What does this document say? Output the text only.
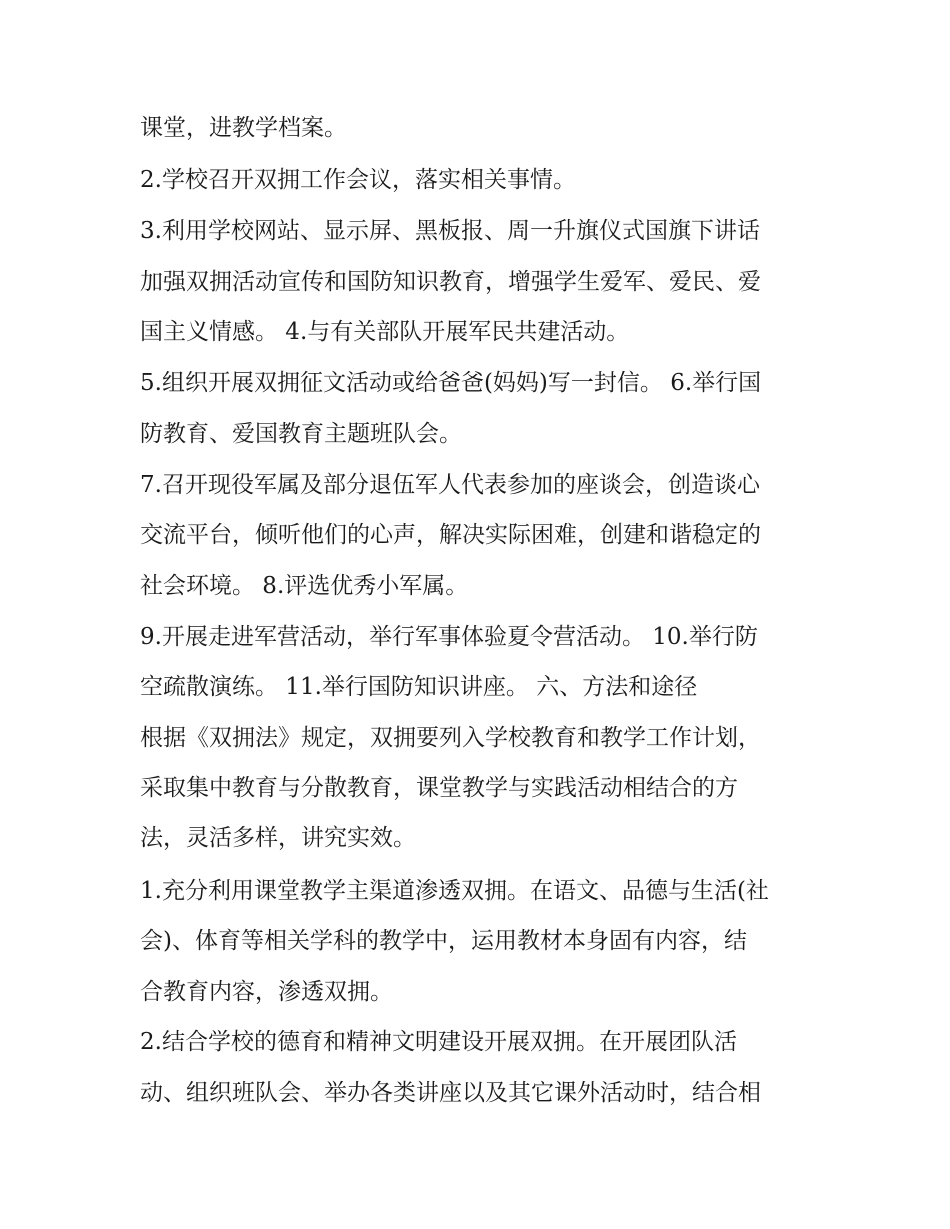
课堂，进教学档案。
2.学校召开双拥工作会议，落实相关事情。
3.利用学校网站、显示屏、黑板报、周一升旗仪式国旗下讲话
加强双拥活动宣传和国防知识教育，增强学生爱军、爱民、爱
国主义情感。 4.与有关部队开展军民共建活动。
5.组织开展双拥征文活动或给爸爸(妈妈)写一封信。 6.举行国
防教育、爱国教育主题班队会。
7.召开现役军属及部分退伍军人代表参加的座谈会，创造谈心
交流平台，倾听他们的心声，解决实际困难，创建和谐稳定的
社会环境。 8.评选优秀小军属。
9.开展走进军营活动，举行军事体验夏令营活动。 10.举行防
空疏散演练。 11.举行国防知识讲座。 六、方法和途径
根据《双拥法》规定，双拥要列入学校教育和教学工作计划，
采取集中教育与分散教育，课堂教学与实践活动相结合的方
法，灵活多样，讲究实效。
1.充分利用课堂教学主渠道渗透双拥。在语文、品德与生活(社
会)、体育等相关学科的教学中，运用教材本身固有内容，结
合教育内容，渗透双拥。
2.结合学校的德育和精神文明建设开展双拥。在开展团队活
动、组织班队会、举办各类讲座以及其它课外活动时，结合相
